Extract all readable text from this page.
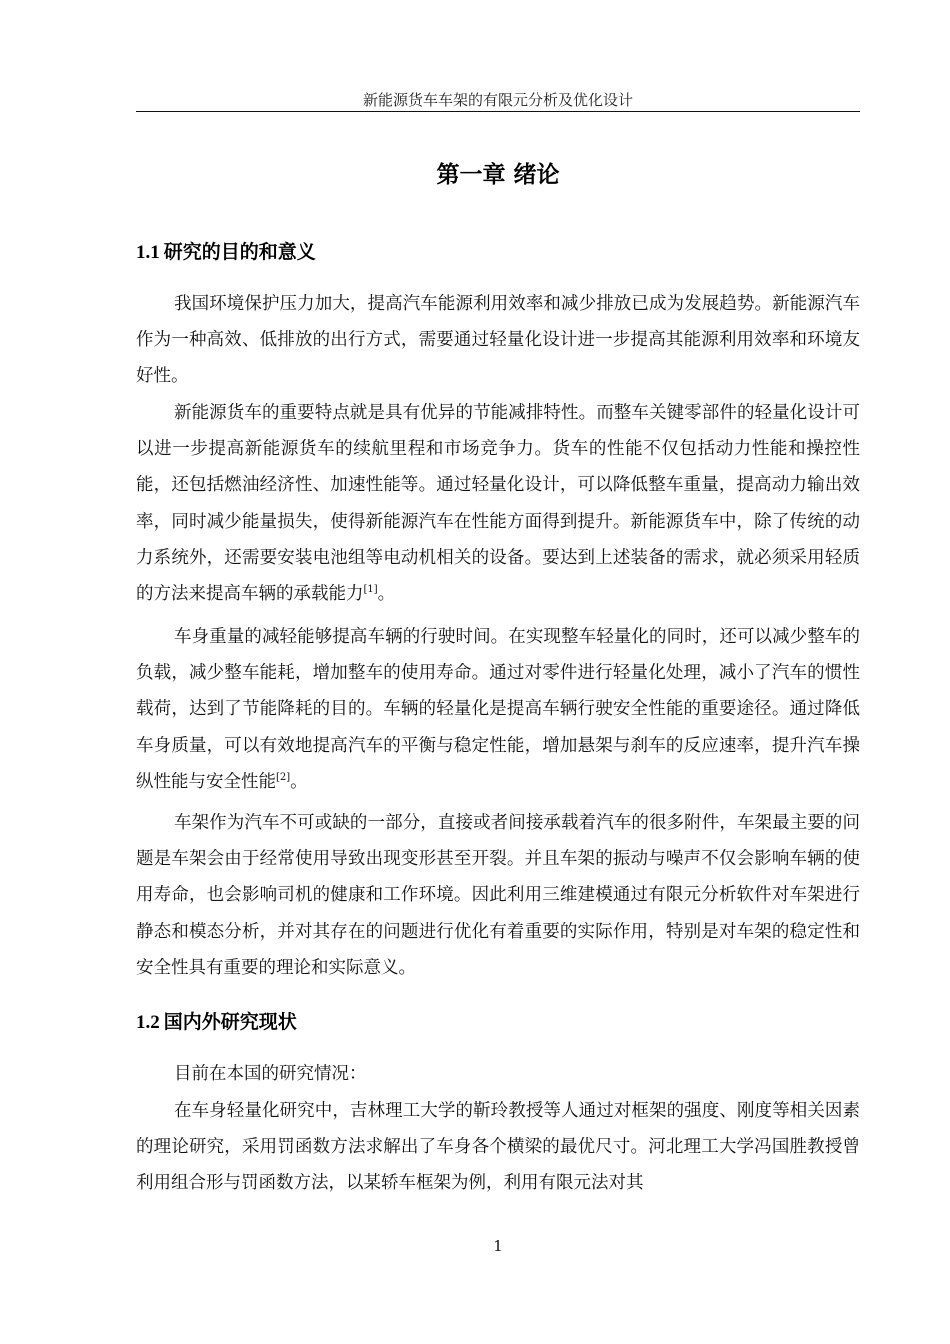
新能源货车车架的有限元分析及优化设计
第一章 绪论
1.1 研究的目的和意义

我国环境保护压力加大，提高汽车能源利用效率和减少排放已成为发展趋势。新能源汽车作为一种高效、低排放的出行方式，需要通过轻量化设计进一步提高其能源利用效率和环境友好性。

新能源货车的重要特点就是具有优异的节能减排特性。而整车关键零部件的轻量化设计可以进一步提高新能源货车的续航里程和市场竞争力。货车的性能不仅包括动力性能和操控性能，还包括燃油经济性、加速性能等。通过轻量化设计，可以降低整车重量，提高动力输出效率，同时减少能量损失，使得新能源汽车在性能方面得到提升。新能源货车中，除了传统的动力系统外，还需要安装电池组等电动机相关的设备。要达到上述装备的需求，就必须采用轻质的方法来提高车辆的承载能力[1]。

车身重量的减轻能够提高车辆的行驶时间。在实现整车轻量化的同时，还可以减少整车的负载，减少整车能耗，增加整车的使用寿命。通过对零件进行轻量化处理，减小了汽车的惯性载荷，达到了节能降耗的目的。车辆的轻量化是提高车辆行驶安全性能的重要途径。通过降低车身质量，可以有效地提高汽车的平衡与稳定性能，增加悬架与刹车的反应速率，提升汽车操纵性能与安全性能[2]。

车架作为汽车不可或缺的一部分，直接或者间接承载着汽车的很多附件，车架最主要的问题是车架会由于经常使用导致出现变形甚至开裂。并且车架的振动与噪声不仅会影响车辆的使用寿命，也会影响司机的健康和工作环境。因此利用三维建模通过有限元分析软件对车架进行静态和模态分析，并对其存在的问题进行优化有着重要的实际作用，特别是对车架的稳定性和安全性具有重要的理论和实际意义。

1.2 国内外研究现状

目前在本国的研究情况：

在车身轻量化研究中，吉林理工大学的靳玲教授等人通过对框架的强度、刚度等相关因素的理论研究，采用罚函数方法求解出了车身各个横梁的最优尺寸。河北理工大学冯国胜教授曾利用组合形与罚函数方法，以某轿车框架为例，利用有限元法对其

1
